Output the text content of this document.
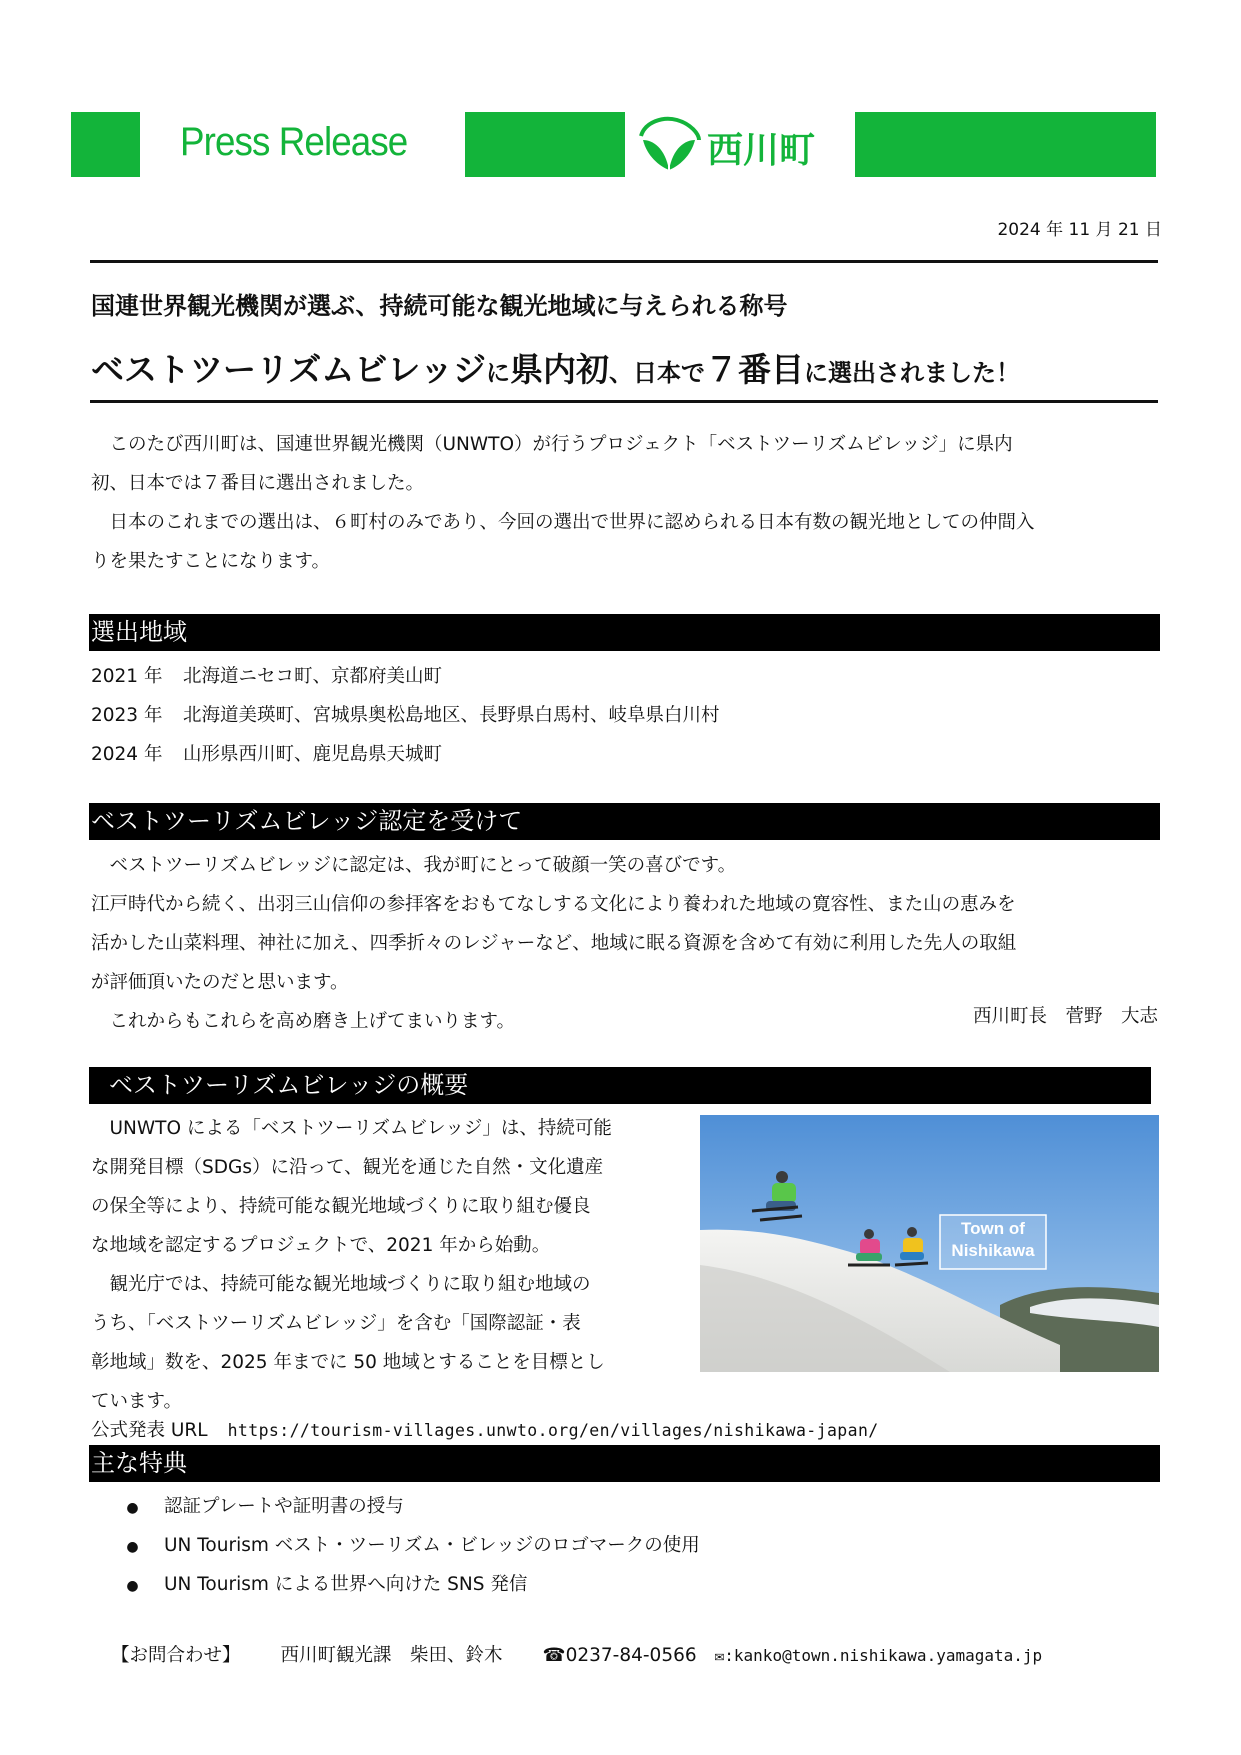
Press Release	西川町
2024 年 11 月 21 日
国連世界観光機関が選ぶ、持続可能な観光地域に与えられる称号
ベストツーリズムビレッジに県内初、日本で７番目に選出されました！
　このたび西川町は、国連世界観光機関（UNWTO）が行うプロジェクト「ベストツーリズムビレッジ」に県内
初、日本では７番目に選出されました。
　日本のこれまでの選出は、６町村のみであり、今回の選出で世界に認められる日本有数の観光地としての仲間入
りを果たすことになります。
選出地域
2021 年 北海道ニセコ町、京都府美山町
2023 年 北海道美瑛町、宮城県奥松島地区、長野県白馬村、岐阜県白川村
2024 年 山形県西川町、鹿児島県天城町
ベストツーリズムビレッジ認定を受けて
　ベストツーリズムビレッジに認定は、我が町にとって破顔一笑の喜びです。
江戸時代から続く、出羽三山信仰の参拝客をおもてなしする文化により養われた地域の寛容性、また山の恵みを
活かした山菜料理、神社に加え、四季折々のレジャーなど、地域に眠る資源を含めて有効に利用した先人の取組
が評価頂いたのだと思います。
　これからもこれらを高め磨き上げてまいります。	西川町長　菅野　大志
ベストツーリズムビレッジの概要
　UNWTO による「ベストツーリズムビレッジ」は、持続可能
な開発目標（SDGs）に沿って、観光を通じた自然・文化遺産
の保全等により、持続可能な観光地域づくりに取り組む優良
な地域を認定するプロジェクトで、2021 年から始動。
　観光庁では、持続可能な観光地域づくりに取り組む地域の
うち、「ベストツーリズムビレッジ」を含む「国際認証・表
彰地域」数を、2025 年までに 50 地域とすることを目標とし
ています。
Town of
Nishikawa
公式発表 URL https://tourism-villages.unwto.org/en/villages/nishikawa-japan/
主な特典
● 認証プレートや証明書の授与
● UN Tourism ベスト・ツーリズム・ビレッジのロゴマークの使用
● UN Tourism による世界へ向けた SNS 発信
【お問合わせ】 西川町観光課　柴田、鈴木 ☎0237-84-0566 ✉:kanko@town.nishikawa.yamagata.jp
